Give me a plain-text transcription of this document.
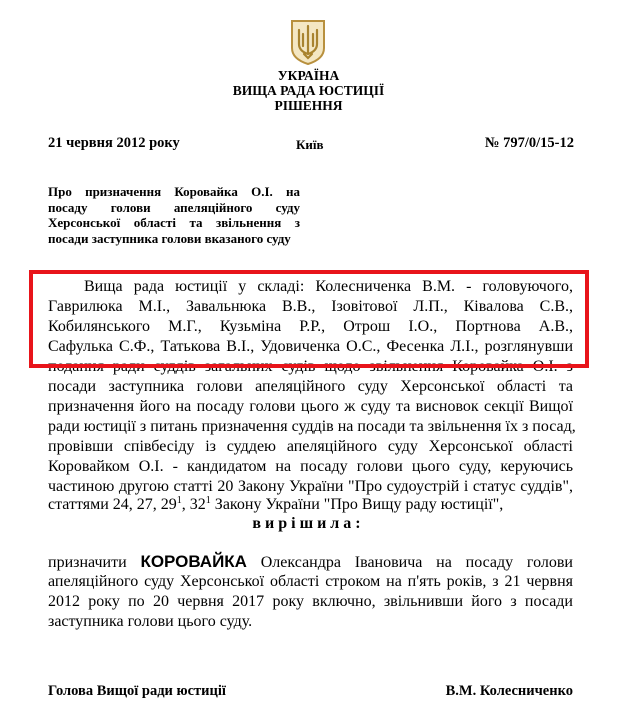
УКРАЇНА
ВИЩА РАДА ЮСТИЦІЇ
РІШЕННЯ
21 червня 2012 року	Київ	№ 797/0/15-12
Про призначення Коровайка О.І. на посаду голови апеляційного суду Херсонської області та звільнення з посади заступника голови вказаного суду
Вища рада юстиції у складі: Колесниченка В.М. - головуючого,
Гаврилюка М.І., Завальнюка В.В., Ізовітової Л.П., Ківалова С.В.,
Кобилянського М.Г., Кузьміна Р.Р., Отрош І.О., Портнова А.В.,
Сафулька С.Ф., Татькова В.І., Удовиченка О.С., Фесенка Л.І., розглянувши
подання ради суддів загальних судів щодо звільнення Коровайка О.І. з
посади заступника голови апеляційного суду Херсонської області та
призначення його на посаду голови цього ж суду та висновок секції Вищої
ради юстиції з питань призначення суддів на посади та звільнення їх з посад,
провівши співбесіду із суддею апеляційного суду Херсонської області
Коровайком О.І. - кандидатом на посаду голови цього суду, керуючись
частиною другою статті 20 Закону України "Про судоустрій і статус суддів",
статтями 24, 27, $29^1$, $32^1$ Закону України "Про Вищу раду юстиції",
вирішила:
призначити КОРОВАЙКА Олександра Івановича на посаду голови
апеляційного суду Херсонської області строком на п'ять років, з 21 червня
2012 року по 20 червня 2017 року включно, звільнивши його з посади
заступника голови цього суду.
Голова Вищої ради юстиції	В.М. Колесниченко
